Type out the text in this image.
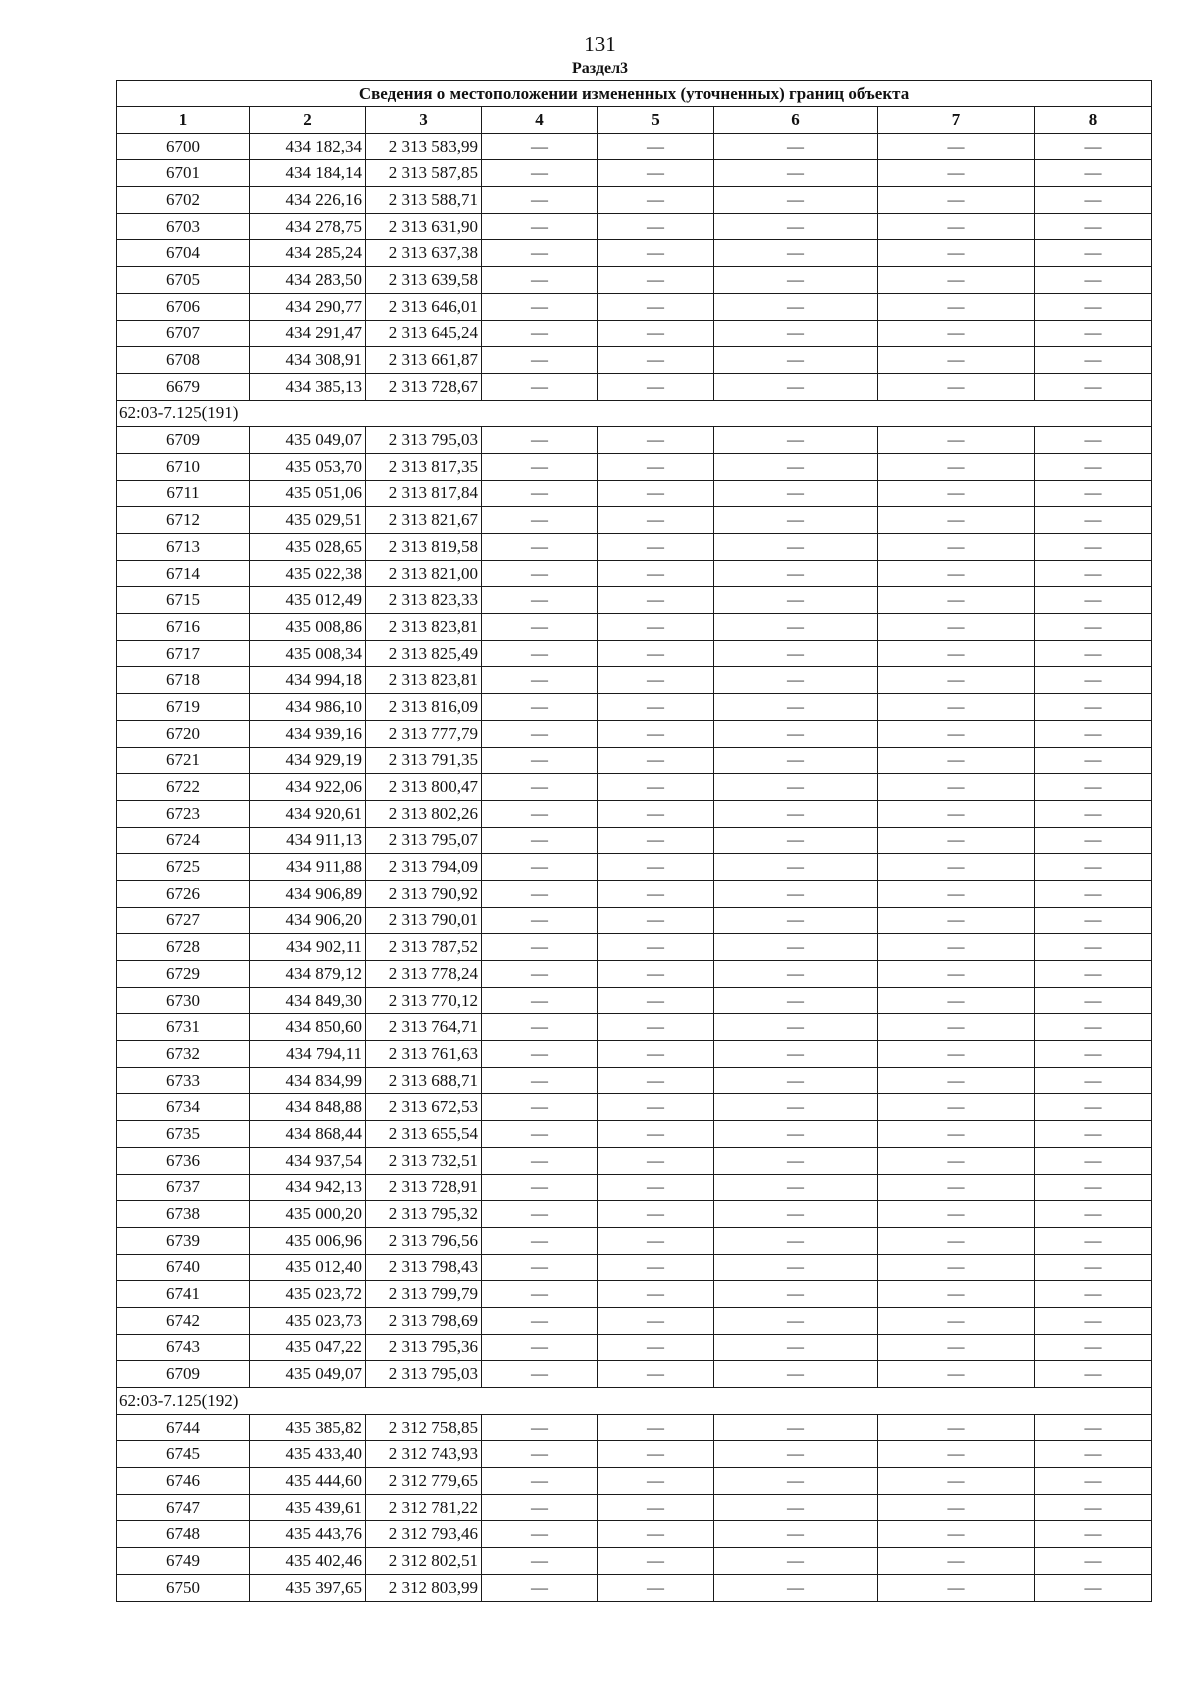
131
Раздел3
Сведения о местоположении измененных (уточненных) границ объекта							
1	2	3	4	5	6	7	8
6700	434 182,34	2 313 583,99	—	—	—	—	—
6701	434 184,14	2 313 587,85	—	—	—	—	—
6702	434 226,16	2 313 588,71	—	—	—	—	—
6703	434 278,75	2 313 631,90	—	—	—	—	—
6704	434 285,24	2 313 637,38	—	—	—	—	—
6705	434 283,50	2 313 639,58	—	—	—	—	—
6706	434 290,77	2 313 646,01	—	—	—	—	—
6707	434 291,47	2 313 645,24	—	—	—	—	—
6708	434 308,91	2 313 661,87	—	—	—	—	—
6679	434 385,13	2 313 728,67	—	—	—	—	—
62:03-7.125(191)							
6709	435 049,07	2 313 795,03	—	—	—	—	—
6710	435 053,70	2 313 817,35	—	—	—	—	—
6711	435 051,06	2 313 817,84	—	—	—	—	—
6712	435 029,51	2 313 821,67	—	—	—	—	—
6713	435 028,65	2 313 819,58	—	—	—	—	—
6714	435 022,38	2 313 821,00	—	—	—	—	—
6715	435 012,49	2 313 823,33	—	—	—	—	—
6716	435 008,86	2 313 823,81	—	—	—	—	—
6717	435 008,34	2 313 825,49	—	—	—	—	—
6718	434 994,18	2 313 823,81	—	—	—	—	—
6719	434 986,10	2 313 816,09	—	—	—	—	—
6720	434 939,16	2 313 777,79	—	—	—	—	—
6721	434 929,19	2 313 791,35	—	—	—	—	—
6722	434 922,06	2 313 800,47	—	—	—	—	—
6723	434 920,61	2 313 802,26	—	—	—	—	—
6724	434 911,13	2 313 795,07	—	—	—	—	—
6725	434 911,88	2 313 794,09	—	—	—	—	—
6726	434 906,89	2 313 790,92	—	—	—	—	—
6727	434 906,20	2 313 790,01	—	—	—	—	—
6728	434 902,11	2 313 787,52	—	—	—	—	—
6729	434 879,12	2 313 778,24	—	—	—	—	—
6730	434 849,30	2 313 770,12	—	—	—	—	—
6731	434 850,60	2 313 764,71	—	—	—	—	—
6732	434 794,11	2 313 761,63	—	—	—	—	—
6733	434 834,99	2 313 688,71	—	—	—	—	—
6734	434 848,88	2 313 672,53	—	—	—	—	—
6735	434 868,44	2 313 655,54	—	—	—	—	—
6736	434 937,54	2 313 732,51	—	—	—	—	—
6737	434 942,13	2 313 728,91	—	—	—	—	—
6738	435 000,20	2 313 795,32	—	—	—	—	—
6739	435 006,96	2 313 796,56	—	—	—	—	—
6740	435 012,40	2 313 798,43	—	—	—	—	—
6741	435 023,72	2 313 799,79	—	—	—	—	—
6742	435 023,73	2 313 798,69	—	—	—	—	—
6743	435 047,22	2 313 795,36	—	—	—	—	—
6709	435 049,07	2 313 795,03	—	—	—	—	—
62:03-7.125(192)							
6744	435 385,82	2 312 758,85	—	—	—	—	—
6745	435 433,40	2 312 743,93	—	—	—	—	—
6746	435 444,60	2 312 779,65	—	—	—	—	—
6747	435 439,61	2 312 781,22	—	—	—	—	—
6748	435 443,76	2 312 793,46	—	—	—	—	—
6749	435 402,46	2 312 802,51	—	—	—	—	—
6750	435 397,65	2 312 803,99	—	—	—	—	—
